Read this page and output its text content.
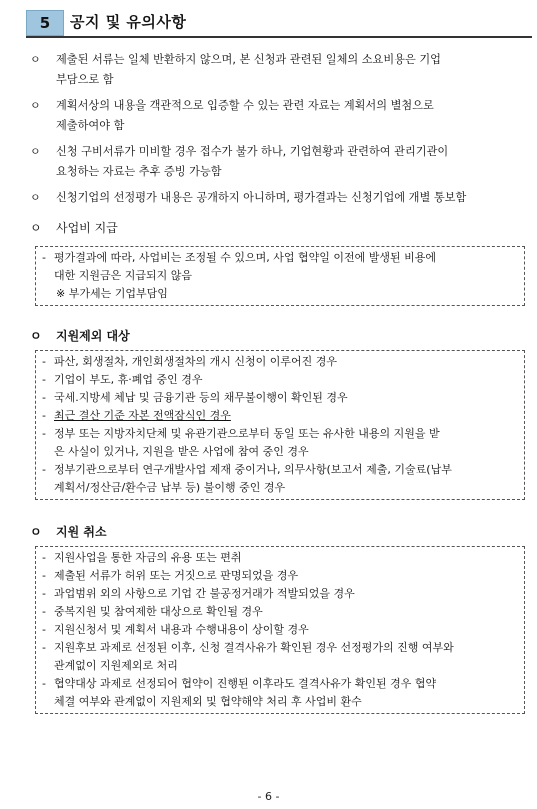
5	공지 및 유의사항
ㅇ 제출된 서류는 일체 반환하지 않으며, 본 신청과 관련된 일체의 소요비용은 기업
부담으로 함

ㅇ 계획서상의 내용을 객관적으로 입증할 수 있는 관련 자료는 계획서의 별첨으로
제출하여야 함

ㅇ 신청 구비서류가 미비할 경우 접수가 불가 하나, 기업현황과 관련하여 관리기관이
요청하는 자료는 추후 증빙 가능함

ㅇ 신청기업의 선정평가 내용은 공개하지 아니하며, 평가결과는 신청기업에 개별 통보함

ㅇ 사업비 지급
- 평가결과에 따라, 사업비는 조정될 수 있으며, 사업 협약일 이전에 발생된 비용에
대한 지원금은 지급되지 않음

※ 부가세는 기업부담임

ㅇ 지원제외 대상
- 파산, 회생절차, 개인회생절차의 개시 신청이 이루어진 경우

- 기업이 부도, 휴·폐업 중인 경우

- 국세.지방세 체납 및 금융기관 등의 채무불이행이 확인된 경우

- 최근 결산 기준 자본 전액잠식인 경우

- 정부 또는 지방자치단체 및 유관기관으로부터 동일 또는 유사한 내용의 지원을 받
은 사실이 있거나, 지원을 받은 사업에 참여 중인 경우

- 정부기관으로부터 연구개발사업 제재 중이거나, 의무사항(보고서 제출, 기술료(납부
계획서/정산금/환수금 납부 등) 불이행 중인 경우

ㅇ 지원 취소
- 지원사업을 통한 자금의 유용 또는 편취

- 제출된 서류가 허위 또는 거짓으로 판명되었을 경우

- 과업범위 외의 사항으로 기업 간 불공정거래가 적발되었을 경우

- 중복지원 및 참여제한 대상으로 확인될 경우

- 지원신청서 및 계획서 내용과 수행내용이 상이할 경우

- 지원후보 과제로 선정된 이후, 신청 결격사유가 확인된 경우 선정평가의 진행 여부와
관계없이 지원제외로 처리

- 협약대상 과제로 선정되어 협약이 진행된 이후라도 결격사유가 확인된 경우 협약
체결 여부와 관계없이 지원제외 및 협약해약 처리 후 사업비 환수

- 6 -
